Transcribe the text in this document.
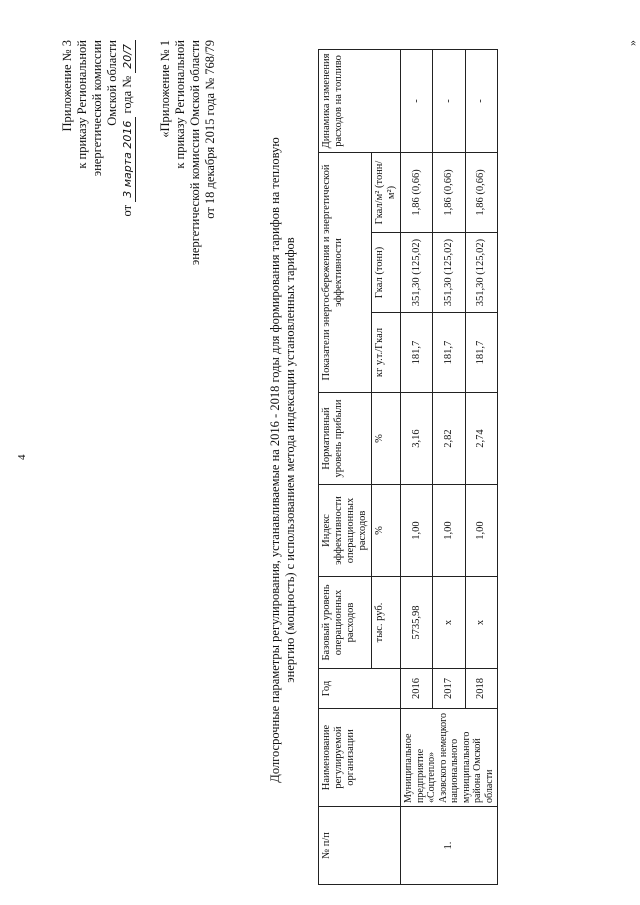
4
Приложение № 3 к приказу Региональной энергетической комиссии Омской области
от 3 марта 2016 года № 20/7 «Приложение № 1 к приказу Региональной энергетической комиссии Омской области от 18 декабря 2015 года № 768/79
Долгосрочные параметры регулирования, устанавливаемые на 2016 - 2018 годы для формирования тарифов на тепловую энергию (мощность) с использованием метода индексации установленных тарифов
№ п/п	Наименование регулируемой организации	Год	Базовый уровень операционных расходов	Индекс эффективности операционных расходов	Нормативный уровень прибыли	Показатели энергосбережения и энергетической эффективности			Динамика изменения расходов на топливо
			тыс. руб.	%	%	кг у.т./Гкал	Гкал (тонн)	Гкал/м² (тонн/м²)	
1.	Муниципальное предприятие «Соцтепло» Азовского немецкого национального муниципального района Омской области	2016	5735,98	1,00	3,16	181,7	351,30 (125,02)	1,86 (0,66)	-
		2017	х	1,00	2,82	181,7	351,30 (125,02)	1,86 (0,66)	-
		2018	х	1,00	2,74	181,7	351,30 (125,02)	1,86 (0,66)	-
»
